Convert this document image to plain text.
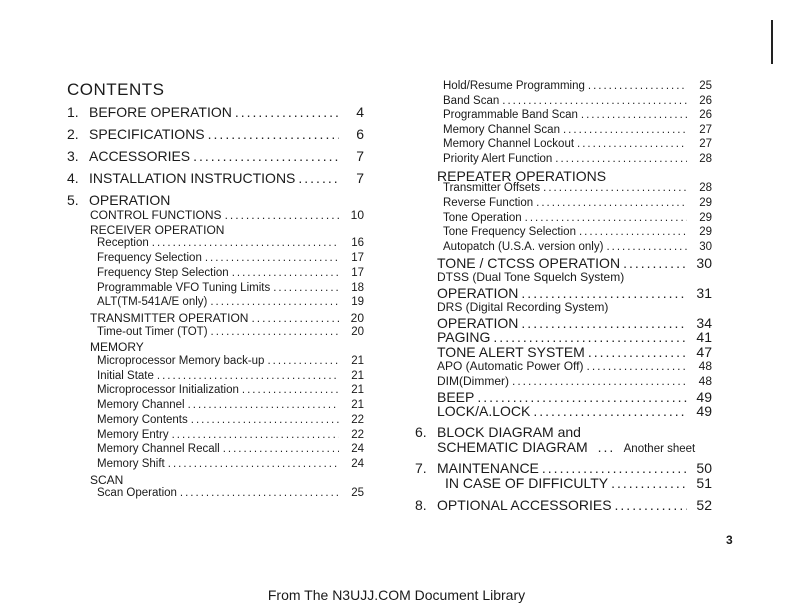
CONTENTS
1. BEFORE OPERATION .....	4
2. SPECIFICATIONS .....	6
3. ACCESSORIES .....	7
4. INSTALLATION INSTRUCTIONS .....	7
5. OPERATION
CONTROL FUNCTIONS .....	10
RECEIVER OPERATION
Reception .....	16
Frequency Selection .....	17
Frequency Step Selection .....	17
Programmable VFO Tuning Limits .....	18
ALT(TM-541A/E only) .....	19
TRANSMITTER OPERATION .....	20
Time-out Timer (TOT) .....	20
MEMORY
Microprocessor Memory back-up .....	21
Initial State .....	21
Microprocessor Initialization .....	21
Memory Channel .....	21
Memory Contents .....	22
Memory Entry .....	22
Memory Channel Recall .....	24
Memory Shift .....	24
SCAN
Scan Operation .....	25
Hold/Resume Programming .....	25
Band Scan .....	26
Programmable Band Scan .....	26
Memory Channel Scan .....	27
Memory Channel Lockout .....	27
Priority Alert Function .....	28
REPEATER OPERATIONS
Transmitter Offsets .....	28
Reverse Function .....	29
Tone Operation .....	29
Tone Frequency Selection .....	29
Autopatch (U.S.A. version only) .....	30
TONE / CTCSS OPERATION .....	30
DTSS (Dual Tone Squelch System)
OPERATION .....	31
DRS (Digital Recording System)
OPERATION .....	34
PAGING .....	41
TONE ALERT SYSTEM .....	47
APO (Automatic Power Off) .....	48
DIM(Dimmer) .....	48
BEEP .....	49
LOCK/A.LOCK .....	49
6. BLOCK DIAGRAM and
SCHEMATIC DIAGRAM .....	Another sheet
7. MAINTENANCE .....	50
IN CASE OF DIFFICULTY .....	51
8. OPTIONAL ACCESSORIES .....	52
3
From The N3UJJ.COM Document Library
